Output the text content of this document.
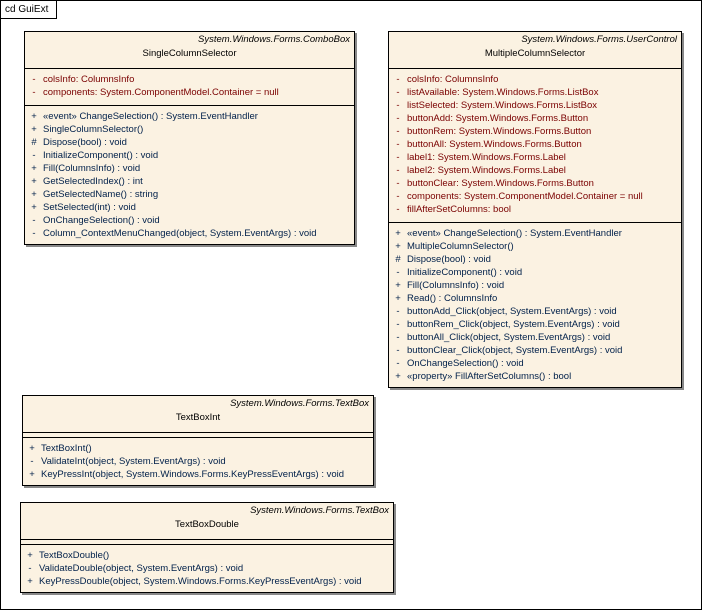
cd GuiExt
System.Windows.Forms.ComboBox
SingleColumnSelector
- colsInfo: ColumnsInfo
- components: System.ComponentModel.Container = null
+ «event» ChangeSelection() : System.EventHandler
+ SingleColumnSelector()
# Dispose(bool) : void
- InitializeComponent() : void
+ Fill(ColumnsInfo) : void
+ GetSelectedIndex() : int
+ GetSelectedName() : string
+ SetSelected(int) : void
- OnChangeSelection() : void
- Column_ContextMenuChanged(object, System.EventArgs) : void
System.Windows.Forms.UserControl
MultipleColumnSelector
- colsInfo: ColumnsInfo
- listAvailable: System.Windows.Forms.ListBox
- listSelected: System.Windows.Forms.ListBox
- buttonAdd: System.Windows.Forms.Button
- buttonRem: System.Windows.Forms.Button
- buttonAll: System.Windows.Forms.Button
- label1: System.Windows.Forms.Label
- label2: System.Windows.Forms.Label
- buttonClear: System.Windows.Forms.Button
- components: System.ComponentModel.Container = null
- fillAfterSetColumns: bool
+ «event» ChangeSelection() : System.EventHandler
+ MultipleColumnSelector()
# Dispose(bool) : void
- InitializeComponent() : void
+ Fill(ColumnsInfo) : void
+ Read() : ColumnsInfo
- buttonAdd_Click(object, System.EventArgs) : void
- buttonRem_Click(object, System.EventArgs) : void
- buttonAll_Click(object, System.EventArgs) : void
- buttonClear_Click(object, System.EventArgs) : void
- OnChangeSelection() : void
+ «property» FillAfterSetColumns() : bool
System.Windows.Forms.TextBox
TextBoxInt
+ TextBoxInt()
- ValidateInt(object, System.EventArgs) : void
+ KeyPressInt(object, System.Windows.Forms.KeyPressEventArgs) : void
System.Windows.Forms.TextBox
TextBoxDouble
+ TextBoxDouble()
- ValidateDouble(object, System.EventArgs) : void
+ KeyPressDouble(object, System.Windows.Forms.KeyPressEventArgs) : void
